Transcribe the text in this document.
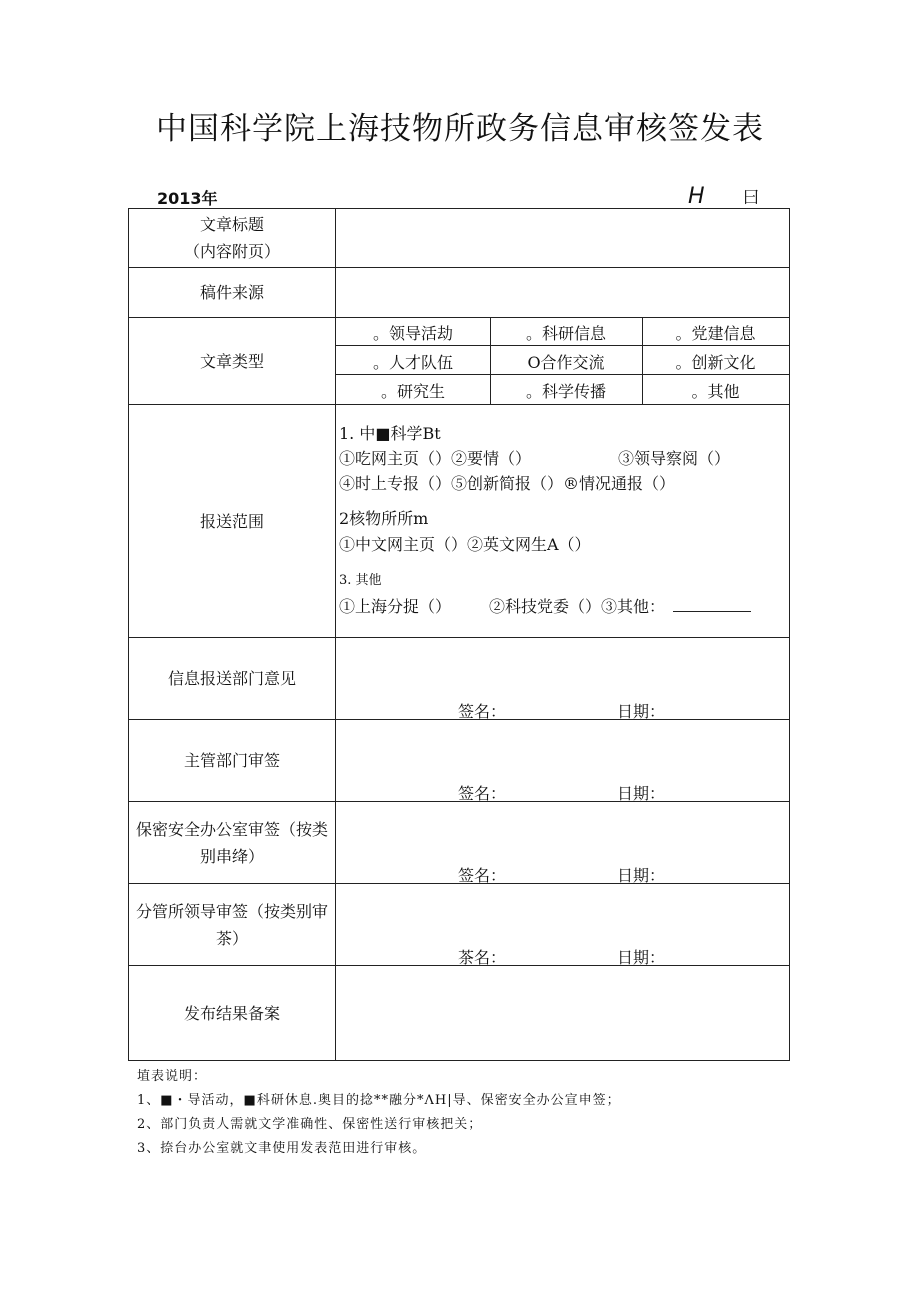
中国科学院上海技物所政务信息审核签发表
2013年	H 曰
文章标题
（内容附页）
稿件来源
文章类型
。领导活劫	。科研信息	。党建信息
。人才队伍	O合作交流	。创新文化
。研究生	。科学传播	。其他
报送范围
1. 中■科学Bt
①吃网主页（）②要情（）	③领导察阅（）
④时上专报（）⑤创新简报（）®情况通报（）
2核物所所m
①中文网主页（）②英文网生A（）
3. 其他
①上海分捉（） ②科技党委（）③其他：
信息报送部门意见
签名：	日期：
主管部门审签
签名：	日期：
保密安全办公室审签（按类
别串绛）
签名：	日期：
分管所领导审签（按类别审
茶）
茶名：	日期：
发布结果备案
埴表说明：
1、■・导活动，■科研休息.奥目的捻**融分*ΛH|导、保密安全办公宣申签；
2、部门负责人需就文学准确性、保密性送行审核把关；
3、捺台办公室就文聿使用发表范田进行审核。
